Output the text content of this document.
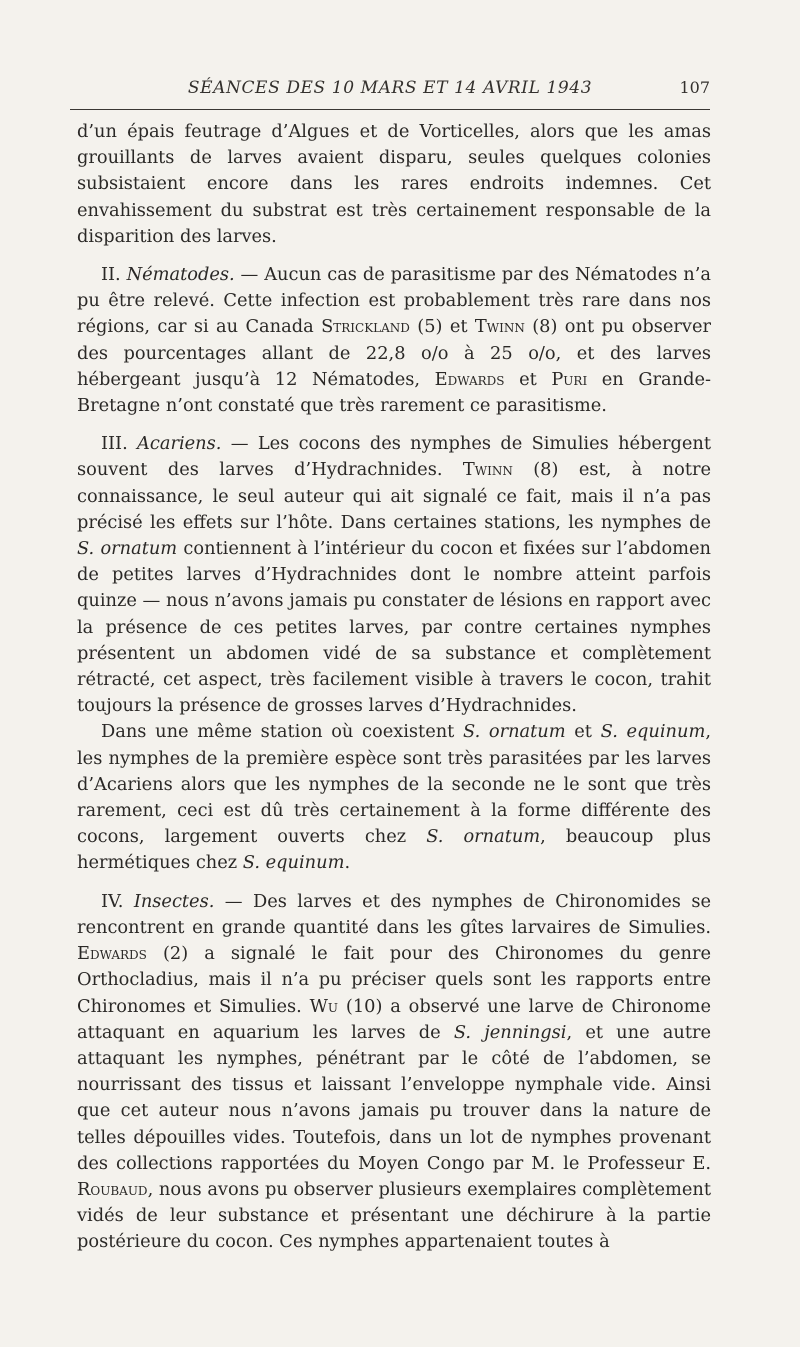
SÉANCES DES 10 MARS ET 14 AVRIL 1943	107

d’un épais feutrage d’Algues et de Vorticelles, alors que les amas grouillants de larves avaient disparu, seules quelques colonies subsistaient encore dans les rares endroits indemnes. Cet envahissement du substrat est très certainement responsable de la disparition des larves.

II. Nématodes. — Aucun cas de parasitisme par des Nématodes n’a pu être relevé. Cette infection est probablement très rare dans nos régions, car si au Canada Strickland (5) et Twinn (8) ont pu observer des pourcentages allant de 22,8 o/o à 25 o/o, et des larves hébergeant jusqu’à 12 Nématodes, Edwards et Puri en Grande-Bretagne n’ont constaté que très rarement ce parasitisme.

III. Acariens. — Les cocons des nymphes de Simulies hébergent souvent des larves d’Hydrachnides. Twinn (8) est, à notre connaissance, le seul auteur qui ait signalé ce fait, mais il n’a pas précisé les effets sur l’hôte. Dans certaines stations, les nymphes de S. ornatum contiennent à l’intérieur du cocon et fixées sur l’abdomen de petites larves d’Hydrachnides dont le nombre atteint parfois quinze — nous n’avons jamais pu constater de lésions en rapport avec la présence de ces petites larves, par contre certaines nymphes présentent un abdomen vidé de sa substance et complètement rétracté, cet aspect, très facilement visible à travers le cocon, trahit toujours la présence de grosses larves d’Hydrachnides.

Dans une même station où coexistent S. ornatum et S. equinum, les nymphes de la première espèce sont très parasitées par les larves d’Acariens alors que les nymphes de la seconde ne le sont que très rarement, ceci est dû très certainement à la forme différente des cocons, largement ouverts chez S. ornatum, beaucoup plus hermétiques chez S. equinum.

IV. Insectes. — Des larves et des nymphes de Chironomides se rencontrent en grande quantité dans les gîtes larvaires de Simulies. Edwards (2) a signalé le fait pour des Chironomes du genre Orthocladius, mais il n’a pu préciser quels sont les rapports entre Chironomes et Simulies. Wu (10) a observé une larve de Chironome attaquant en aquarium les larves de S. jenningsi, et une autre attaquant les nymphes, pénétrant par le côté de l’abdomen, se nourrissant des tissus et laissant l’enveloppe nymphale vide. Ainsi que cet auteur nous n’avons jamais pu trouver dans la nature de telles dépouilles vides. Toutefois, dans un lot de nymphes provenant des collections rapportées du Moyen Congo par M. le Professeur E. Roubaud, nous avons pu observer plusieurs exemplaires complètement vidés de leur substance et présentant une déchirure à la partie postérieure du cocon. Ces nymphes appartenaient toutes à
